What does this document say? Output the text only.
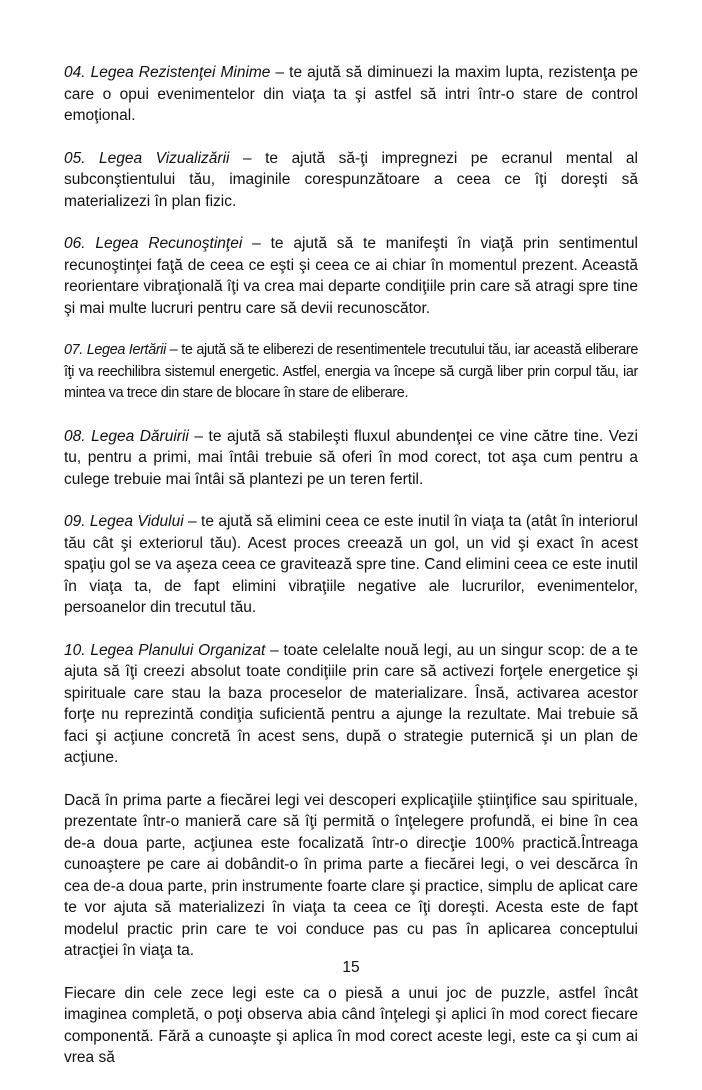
04. Legea Rezistenţei Minime – te ajută să diminuezi la maxim lupta, rezistenţa pe care o opui evenimentelor din viaţa ta şi astfel să intri într-o stare de control emoţional.

05. Legea Vizualizării – te ajută să-ţi impregnezi pe ecranul mental al subconştientului tău, imaginile corespunzătoare a ceea ce îţi doreşti să materializezi în plan fizic.

06. Legea Recunoştinţei – te ajută să te manifeşti în viaţă prin sentimentul recunoştinţei faţă de ceea ce eşti şi ceea ce ai chiar în momentul prezent. Această reorientare vibraţională îţi va crea mai departe condiţiile prin care să atragi spre tine şi mai multe lucruri pentru care să devii recunoscător.

07. Legea Iertării – te ajută să te eliberezi de resentimentele trecutului tău, iar această eliberare îţi va reechilibra sistemul energetic. Astfel, energia va începe să curgă liber prin corpul tău, iar mintea va trece din stare de blocare în stare de eliberare.

08. Legea Dăruirii – te ajută să stabileşti fluxul abundenţei ce vine către tine. Vezi tu, pentru a primi, mai întâi trebuie să oferi în mod corect, tot aşa cum pentru a culege trebuie mai întâi să plantezi pe un teren fertil.

09. Legea Vidului – te ajută să elimini ceea ce este inutil în viaţa ta (atât în interiorul tău cât şi exteriorul tău). Acest proces creează un gol, un vid şi exact în acest spaţiu gol se va aşeza ceea ce gravitează spre tine. Cand elimini ceea ce este inutil în viaţa ta, de fapt elimini vibraţiile negative ale lucrurilor, evenimentelor, persoanelor din trecutul tău.

10. Legea Planului Organizat – toate celelalte nouă legi, au un singur scop: de a te ajuta să îţi creezi absolut toate condiţiile prin care să activezi forţele energetice şi spirituale care stau la baza proceselor de materializare. Însă, activarea acestor forţe nu reprezintă condiţia suficientă pentru a ajunge la rezultate. Mai trebuie să faci şi acţiune concretă în acest sens, după o strategie puternică şi un plan de acţiune.

Dacă în prima parte a fiecărei legi vei descoperi explicaţiile ştiinţifice sau spirituale, prezentate într-o manieră care să îţi permită o înţelegere profundă, ei bine în cea de-a doua parte, acţiunea este focalizată într-o direcţie 100% practică.Întreaga cunoaştere pe care ai dobândit-o în prima parte a fiecărei legi, o vei descărca în cea de-a doua parte, prin instrumente foarte clare şi practice, simplu de aplicat care te vor ajuta să materializezi în viaţa ta ceea ce îţi doreşti. Acesta este de fapt modelul practic prin care te voi conduce pas cu pas în aplicarea conceptului atracţiei în viaţa ta.

Fiecare din cele zece legi este ca o piesă a unui joc de puzzle, astfel încât imaginea completă, o poţi observa abia când înţelegi şi aplici în mod corect fiecare componentă. Fără a cunoaşte şi aplica în mod corect aceste legi, este ca şi cum ai vrea să

15
